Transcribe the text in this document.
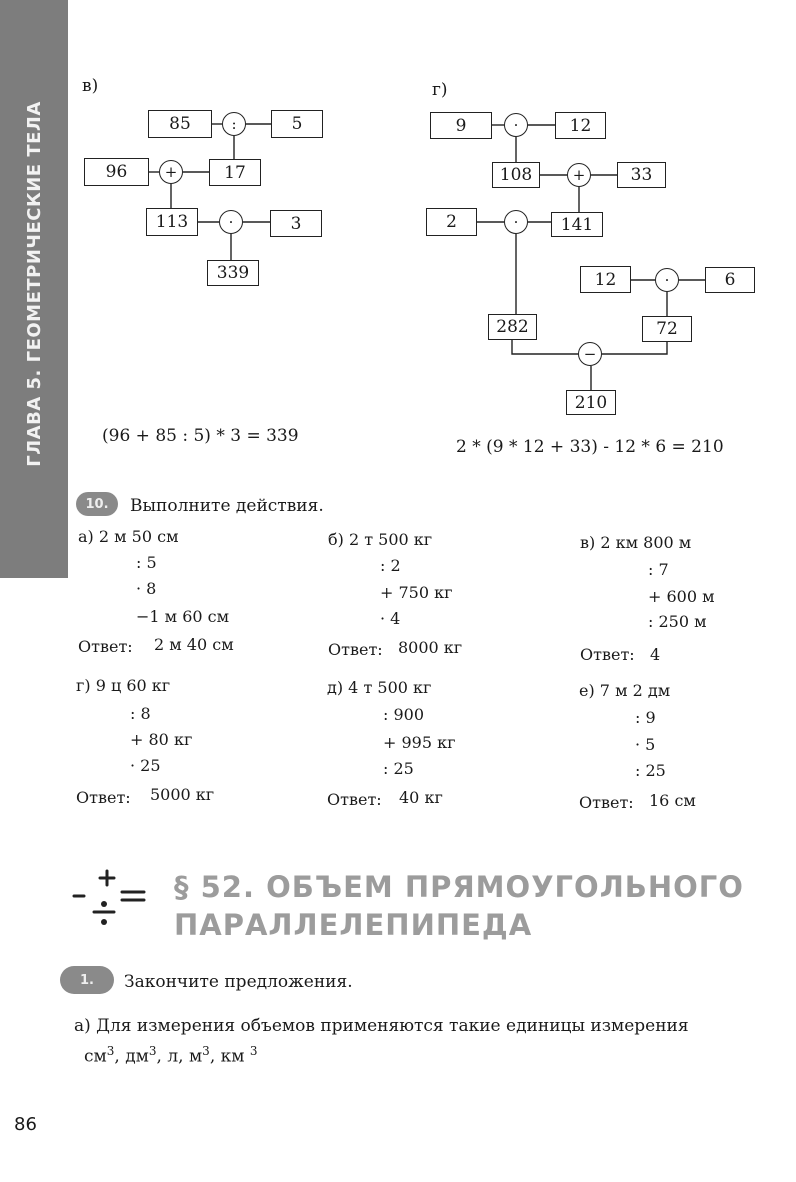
ГЛАВА 5. ГЕОМЕТРИЧЕСКИЕ ТЕЛА
в)
85	:	5
96	+	17
113	·	3
339
(96 + 85 : 5) * 3 = 339
г)
9	·	12
108	+	33
2	·	141
12	·	6
282	72
−
210
2 * (9 * 12 + 33) - 12 * 6 = 210
10.	Выполните действия.
а) 2 м 50 см
: 5
· 8
−1 м 60 см
Ответ: 2 м 40 см
б) 2 т 500 кг
: 2
+ 750 кг
· 4
Ответ: 8000 кг
в) 2 км 800 м
: 7
+ 600 м
: 250 м
Ответ: 4
г) 9 ц 60 кг
: 8
+ 80 кг
· 25
Ответ: 5000 кг
д) 4 т 500 кг
: 900
+ 995 кг
: 25
Ответ: 40 кг
е) 7 м 2 дм
: 9
· 5
: 25
Ответ: 16 см
§ 52. ОБЪЕМ ПРЯМОУГОЛЬНОГО
ПАРАЛЛЕЛЕПИПЕДА
1.	Закончите предложения.
а) Для измерения объемов применяются такие единицы измерения
$см^3$, $дм^3$, л, $м^3$, км $^3$
86
